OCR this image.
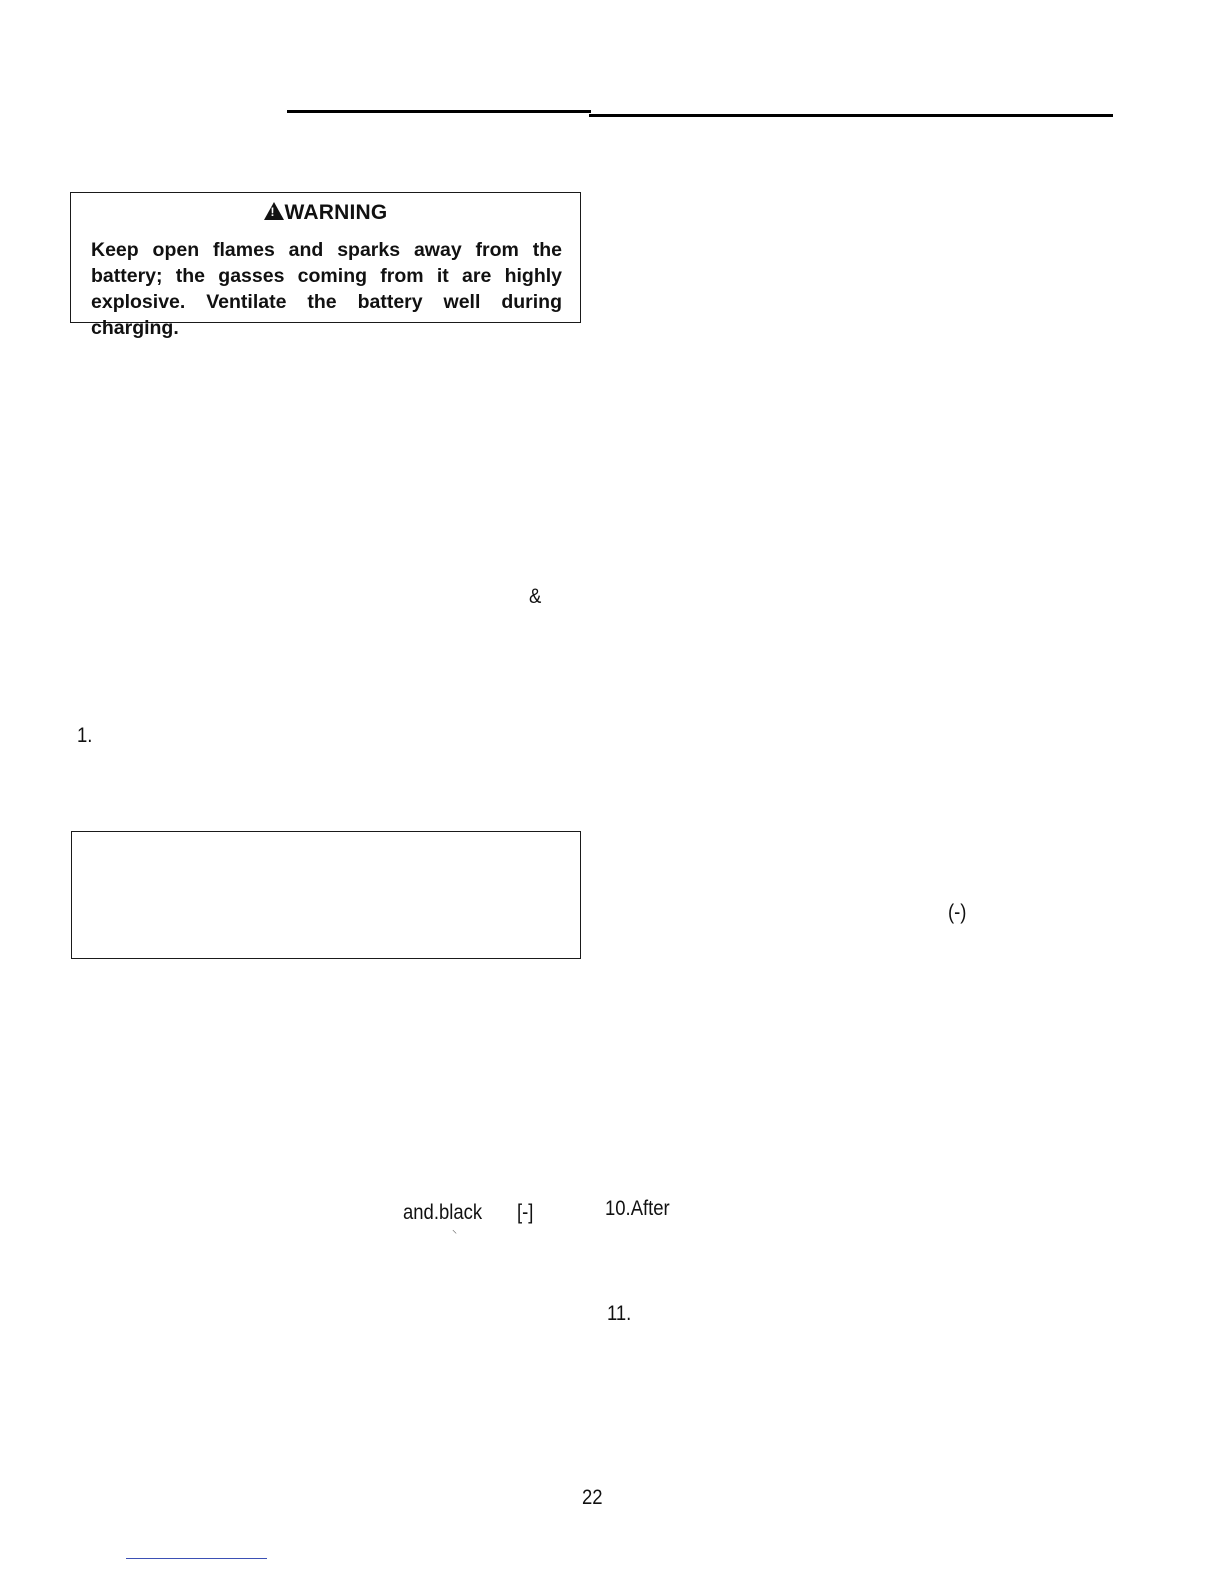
!WARNING
Keep open flames and sparks away from the battery; the gasses coming from it are highly explosive. Ventilate the battery well during charging.
&
1.
(-)
and.black
⸌
[-]	10.After
11.
22
